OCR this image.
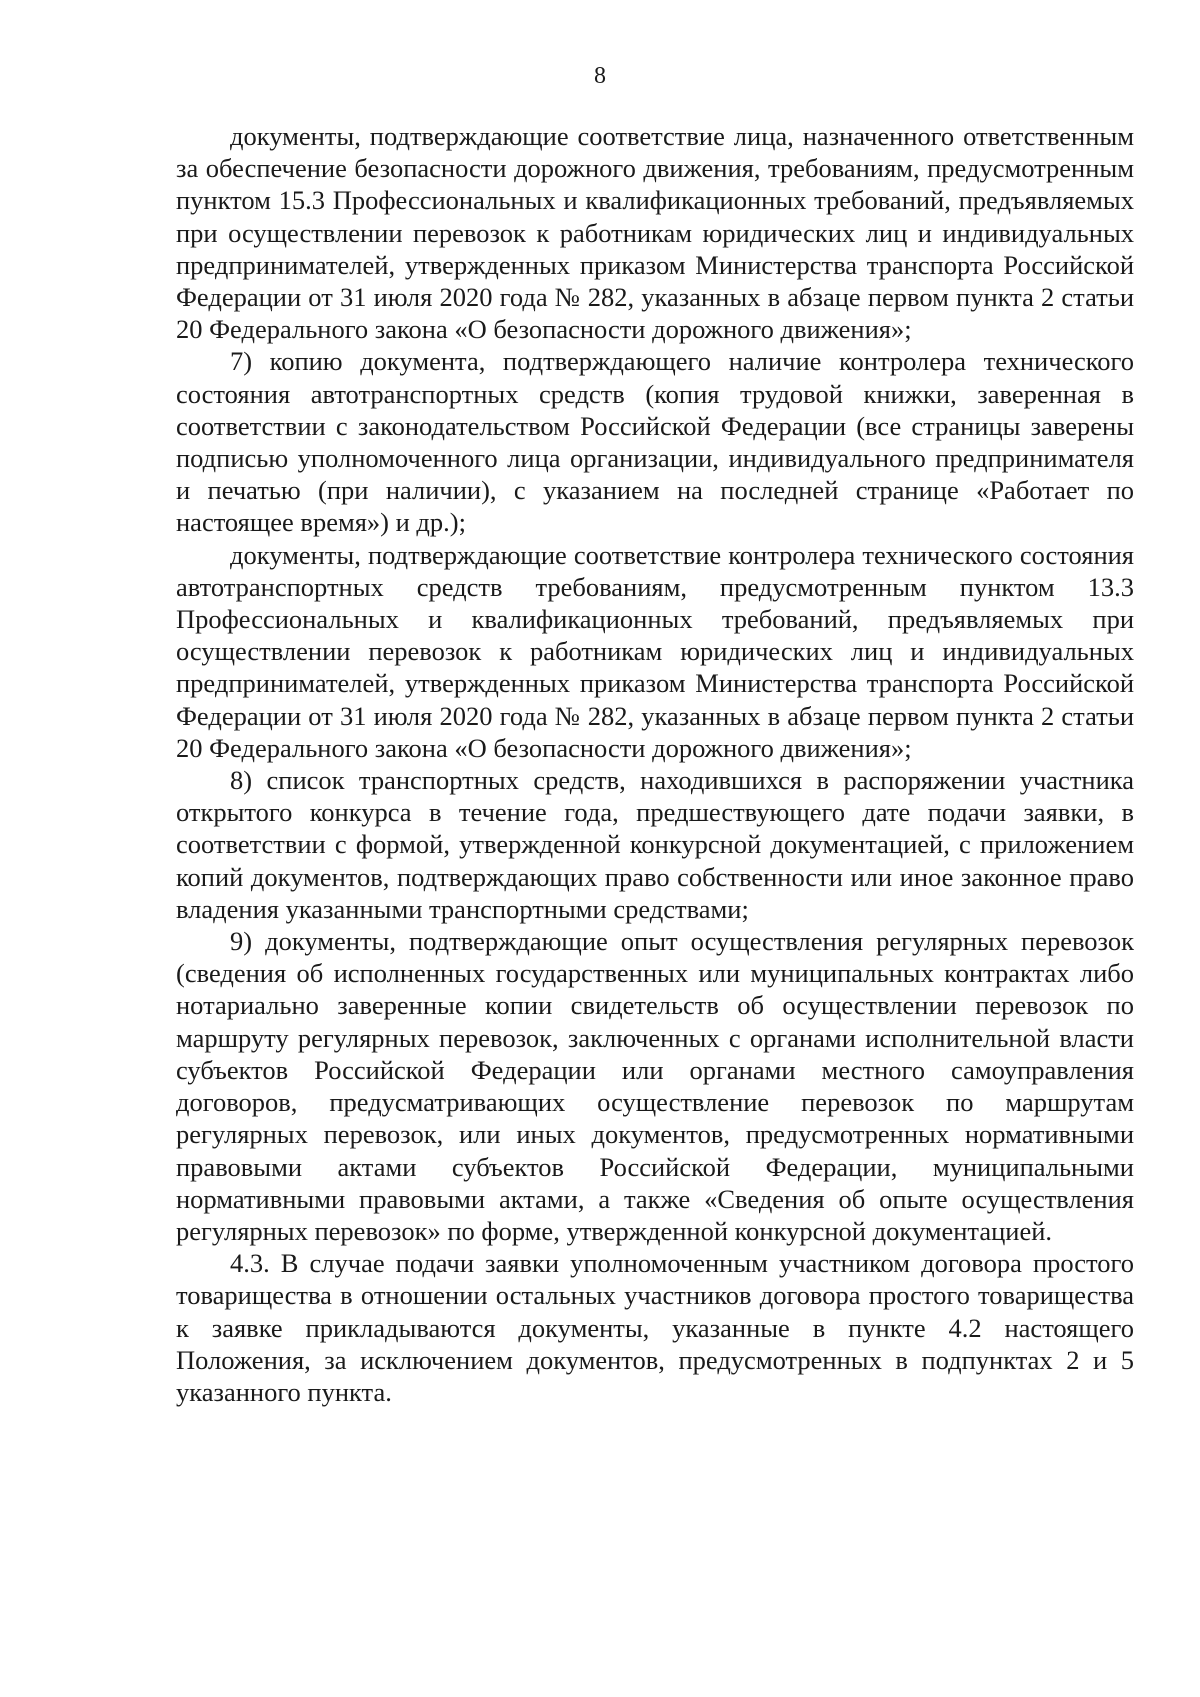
8

документы, подтверждающие соответствие лица, назначенного ответственным за обеспечение безопасности дорожного движения, требованиям, предусмотренным пунктом 15.3 Профессиональных и квалификационных требований, предъявляемых при осуществлении перевозок к работникам юридических лиц и индивидуальных предпринимателей, утвержденных приказом Министерства транспорта Российской Федерации от 31 июля 2020 года № 282, указанных в абзаце первом пункта 2 статьи 20 Федерального закона «О безопасности дорожного движения»;

7) копию документа, подтверждающего наличие контролера технического состояния автотранспортных средств (копия трудовой книжки, заверенная в соответствии с законодательством Российской Федерации (все страницы заверены подписью уполномоченного лица организации, индивидуального предпринимателя и печатью (при наличии), с указанием на последней странице «Работает по настоящее время») и др.);

документы, подтверждающие соответствие контролера технического состояния автотранспортных средств требованиям, предусмотренным пунктом 13.3 Профессиональных и квалификационных требований, предъявляемых при осуществлении перевозок к работникам юридических лиц и индивидуальных предпринимателей, утвержденных приказом Министерства транспорта Российской Федерации от 31 июля 2020 года № 282, указанных в абзаце первом пункта 2 статьи 20 Федерального закона «О безопасности дорожного движения»;

8) список транспортных средств, находившихся в распоряжении участника открытого конкурса в течение года, предшествующего дате подачи заявки, в соответствии с формой, утвержденной конкурсной документацией, с приложением копий документов, подтверждающих право собственности или иное законное право владения указанными транспортными средствами;

9) документы, подтверждающие опыт осуществления регулярных перевозок (сведения об исполненных государственных или муниципальных контрактах либо нотариально заверенные копии свидетельств об осуществлении перевозок по маршруту регулярных перевозок, заключенных с органами исполнительной власти субъектов Российской Федерации или органами местного самоуправления договоров, предусматривающих осуществление перевозок по маршрутам регулярных перевозок, или иных документов, предусмотренных нормативными правовыми актами субъектов Российской Федерации, муниципальными нормативными правовыми актами, а также «Сведения об опыте осуществления регулярных перевозок» по форме, утвержденной конкурсной документацией.

4.3. В случае подачи заявки уполномоченным участником договора простого товарищества в отношении остальных участников договора простого товарищества к заявке прикладываются документы, указанные в пункте 4.2 настоящего Положения, за исключением документов, предусмотренных в подпунктах 2 и 5 указанного пункта.
